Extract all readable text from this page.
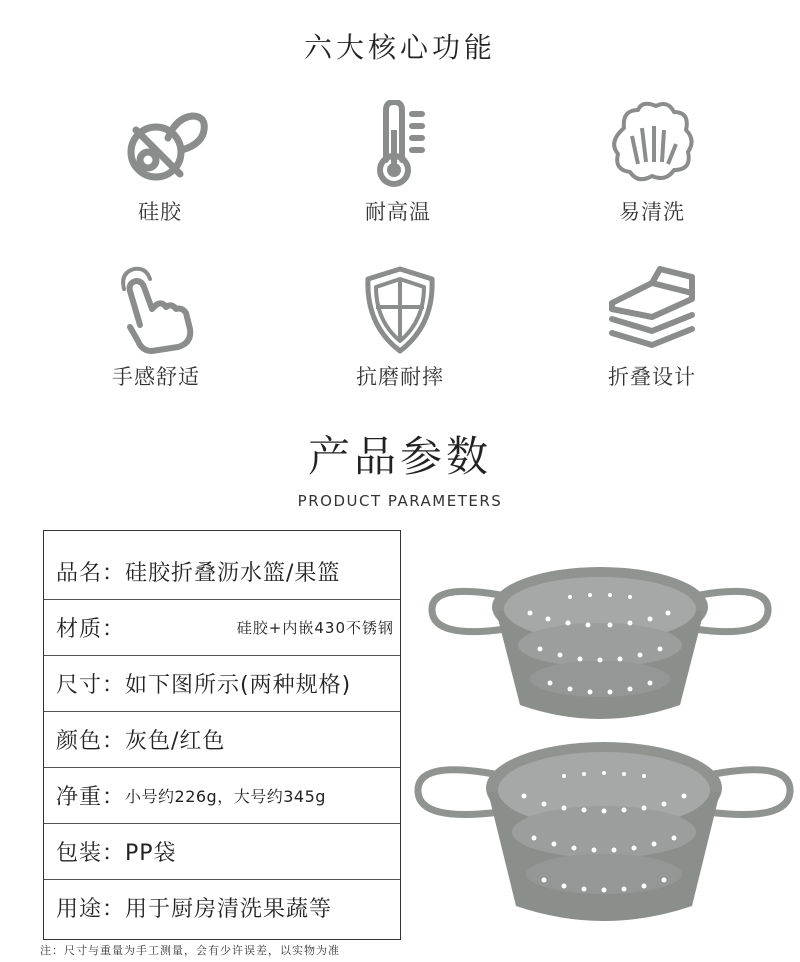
六大核心功能
硅胶	耐高温	易清洗
手感舒适	抗磨耐摔	折叠设计
产品参数
PRODUCT PARAMETERS
品名： 硅胶折叠沥水篮/果篮
材质：	硅胶+内嵌430不锈钢
尺寸： 如下图所示(两种规格)
颜色： 灰色/红色
净重： 小号约226g，大号约345g
包装： PP袋
用途： 用于厨房清洗果蔬等
注：尺寸与重量为手工测量，会有少许误差，以实物为准
